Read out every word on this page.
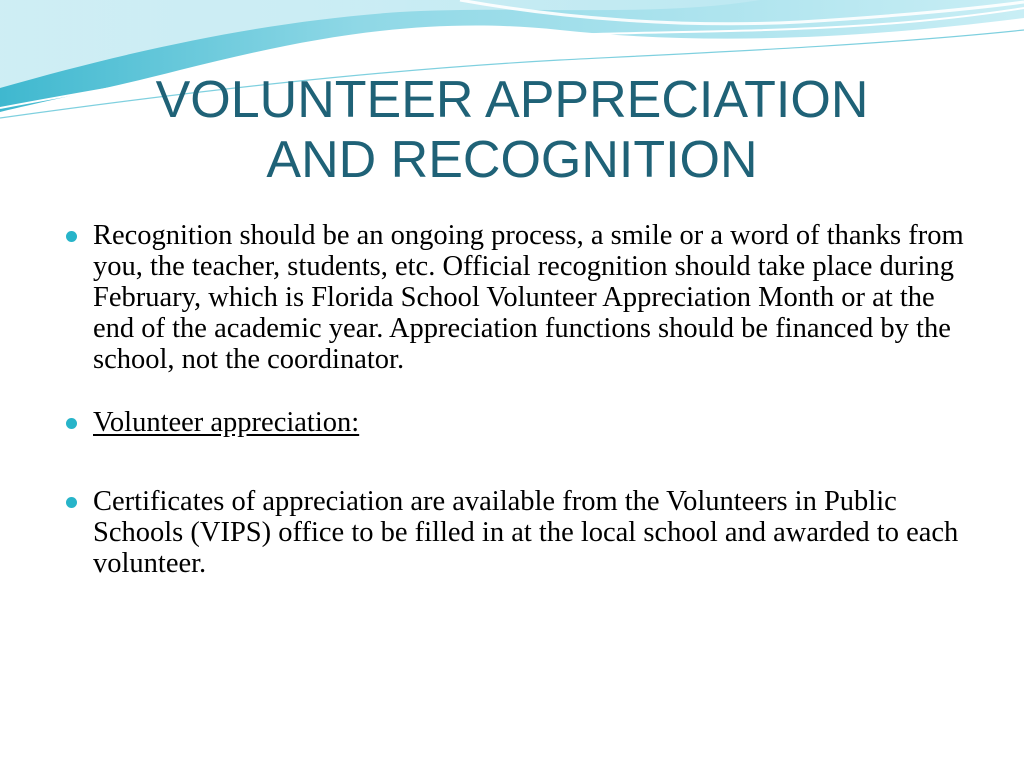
VOLUNTEER APPRECIATION
AND RECOGNITION

Recognition should be an ongoing process, a smile or a word of thanks from you, the teacher, students, etc. Official recognition should take place during February, which is Florida School Volunteer Appreciation Month or at the end of the academic year. Appreciation functions should be financed by the school, not the coordinator.

Volunteer appreciation:

Certificates of appreciation are available from the Volunteers in Public Schools (VIPS) office to be filled in at the local school and awarded to each volunteer.
